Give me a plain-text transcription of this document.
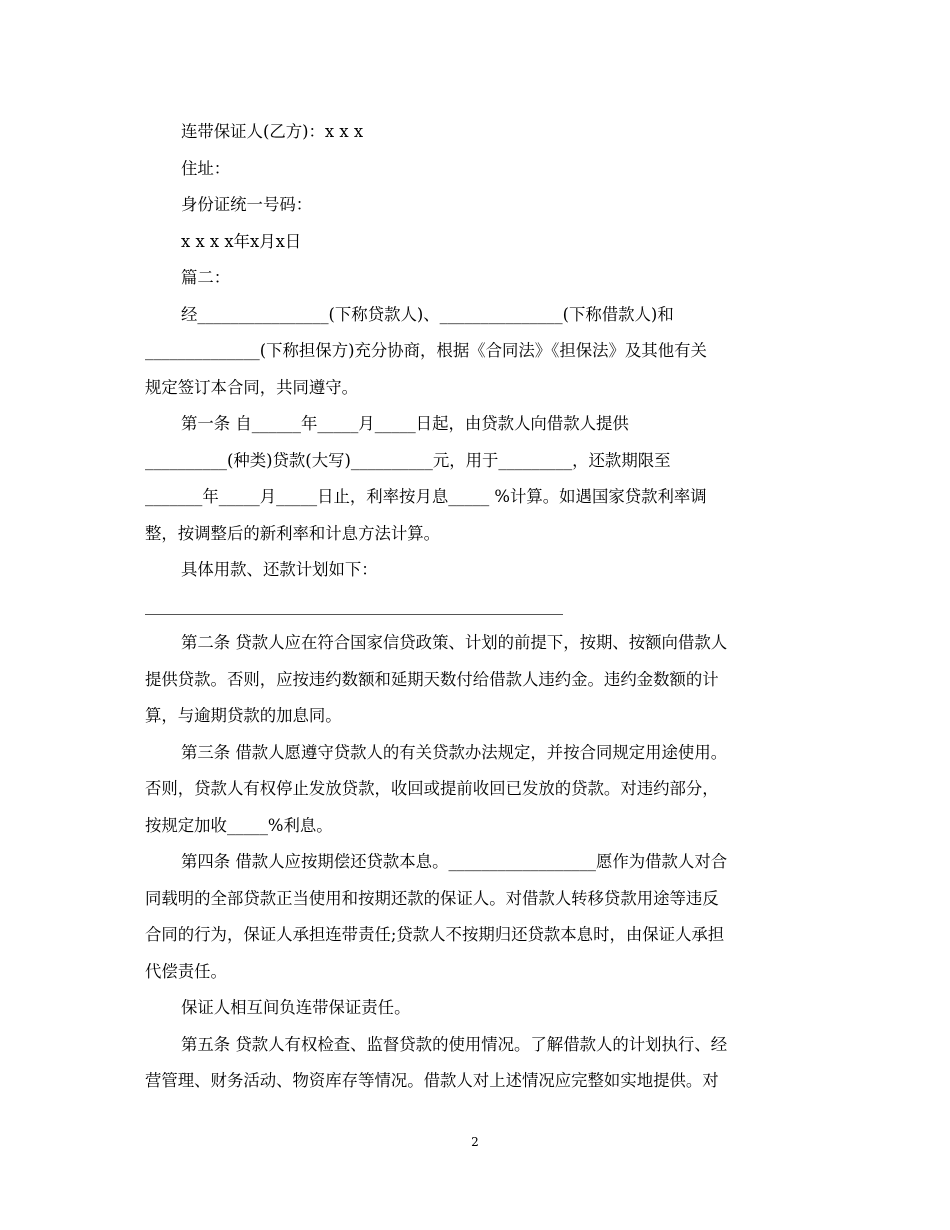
连带保证人(乙方)：x x x
住址：
身份证统一号码：
x x x x年x月x日
篇二：
经________________(下称贷款人)、_______________(下称借款人)和
______________(下称担保方)充分协商，根据《合同法》《担保法》及其他有关
规定签订本合同，共同遵守。
第一条 自______年_____月_____日起，由贷款人向借款人提供
__________(种类)贷款(大写)__________元，用于_________，还款期限至
_______年_____月_____日止，利率按月息_____ %计算。如遇国家贷款利率调
整，按调整后的新利率和计息方法计算。
具体用款、还款计划如下：
第二条 贷款人应在符合国家信贷政策、计划的前提下，按期、按额向借款人
提供贷款。否则，应按违约数额和延期天数付给借款人违约金。违约金数额的计
算，与逾期贷款的加息同。
第三条 借款人愿遵守贷款人的有关贷款办法规定，并按合同规定用途使用。
否则，贷款人有权停止发放贷款，收回或提前收回已发放的贷款。对违约部分，
按规定加收_____%利息。
第四条 借款人应按期偿还贷款本息。__________________愿作为借款人对合
同载明的全部贷款正当使用和按期还款的保证人。对借款人转移贷款用途等违反
合同的行为，保证人承担连带责任;贷款人不按期归还贷款本息时，由保证人承担
代偿责任。
保证人相互间负连带保证责任。
第五条 贷款人有权检查、监督贷款的使用情况。了解借款人的计划执行、经
营管理、财务活动、物资库存等情况。借款人对上述情况应完整如实地提供。对
2
